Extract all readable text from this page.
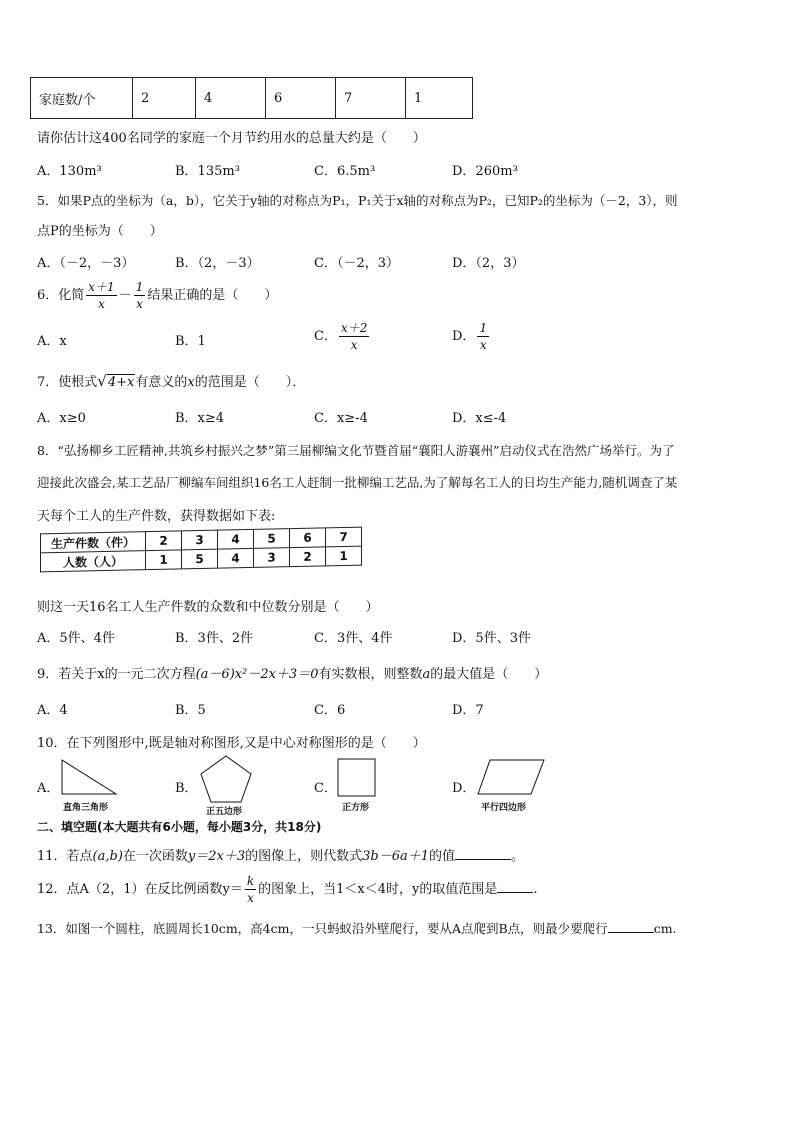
家庭数/个	2	4	6	7	1
请你估计这400名同学的家庭一个月节约用水的总量大约是（　　）
A．130m³	B．135m³	C．6.5m³	D．260m³
5．如果P点的坐标为（a，b），它关于y轴的对称点为P₁，P₁关于x轴的对称点为P₂，已知P₂的坐标为（－2，3），则
点P的坐标为（　　）
A．（－2，－3）	B．（2，－3）	C．（－2，3）	D．（2，3）
6．化简 $\frac{x+1}{x} - \frac{1}{x}$ 结果正确的是（　　）
A．x	B．1	C． $\frac{x+2}{x}$	D． $\frac{1}{x}$
7．使根式√4+x有意义的x的范围是（　　）．
A．x≥0	B．x≥4	C．x≥-4	D．x≤-4
8．“弘扬柳乡工匠精神,共筑乡村振兴之梦”第三届柳编文化节暨首届“襄阳人游襄州”启动仪式在浩然广场举行。为了
迎接此次盛会,某工艺品厂柳编车间组织16名工人赶制一批柳编工艺品,为了解每名工人的日均生产能力,随机调查了某
天每个工人的生产件数，获得数据如下表:
生产件数（件）	2	3	4	5	6	7
人数（人）	1	5	4	3	2	1
则这一天16名工人生产件数的众数和中位数分别是（　　）
A．5件、4件	B．3件、2件	C．3件、4件	D．5件、3件
9．若关于x的一元二次方程(a－6)x²－2x＋3＝0有实数根，则整数a的最大值是（　　）
A．4	B．5	C．6	D．7
10．在下列图形中,既是轴对称图形,又是中心对称图形的是（　　）
A．
直角三角形
B．
正五边形
C．
正方形
D．
平行四边形
二、填空题(本大题共有6小题，每小题3分，共18分)
11．若点(a,b)在一次函数y＝2x＋3的图像上，则代数式3b－6a＋1的值	。
12．点A（2，1）在反比例函数$y= \frac{k}{x}$ 的图象上，当1＜x＜4时，y的取值范围是	.
13．如图一个圆柱，底圆周长10cm，高4cm，一只蚂蚁沿外壁爬行，要从A点爬到B点，则最少要爬行	cm.
